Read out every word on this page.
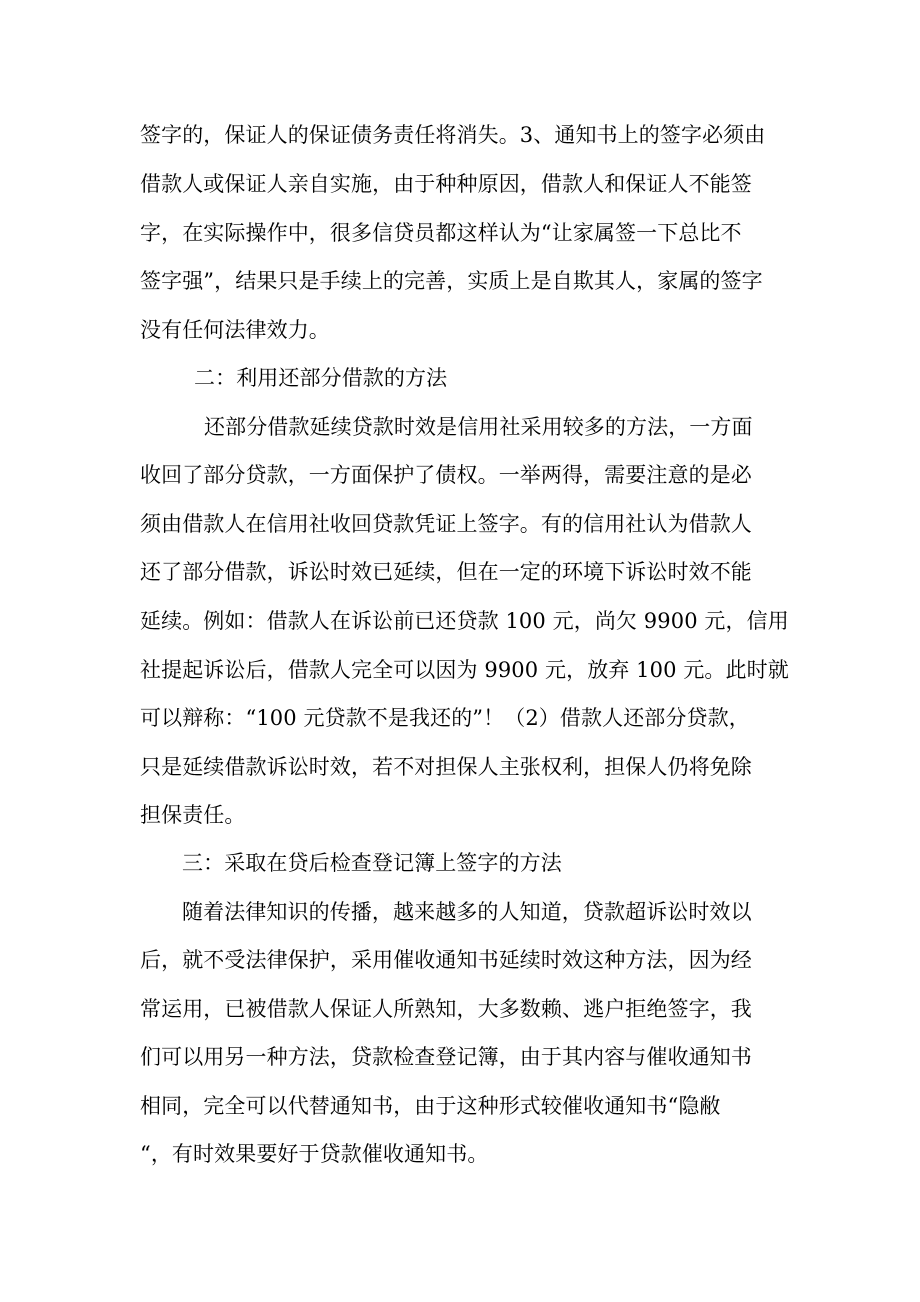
签字的，保证人的保证债务责任将消失。3、通知书上的签字必须由
借款人或保证人亲自实施，由于种种原因，借款人和保证人不能签
字，在实际操作中，很多信贷员都这样认为“让家属签一下总比不
签字强”，结果只是手续上的完善，实质上是自欺其人，家属的签字
没有任何法律效力。
二：利用还部分借款的方法
还部分借款延续贷款时效是信用社采用较多的方法，一方面
收回了部分贷款，一方面保护了债权。一举两得，需要注意的是必
须由借款人在信用社收回贷款凭证上签字。有的信用社认为借款人
还了部分借款，诉讼时效已延续，但在一定的环境下诉讼时效不能
延续。例如：借款人在诉讼前已还贷款 100 元，尚欠 9900 元，信用
社提起诉讼后，借款人完全可以因为 9900 元，放弃 100 元。此时就
可以辩称：“100 元贷款不是我还的”！（2）借款人还部分贷款，
只是延续借款诉讼时效，若不对担保人主张权利，担保人仍将免除
担保责任。
三：采取在贷后检查登记簿上签字的方法
随着法律知识的传播，越来越多的人知道，贷款超诉讼时效以
后，就不受法律保护，采用催收通知书延续时效这种方法，因为经
常运用，已被借款人保证人所熟知，大多数赖、逃户拒绝签字，我
们可以用另一种方法，贷款检查登记簿，由于其内容与催收通知书
相同，完全可以代替通知书，由于这种形式较催收通知书“隐敝
“，有时效果要好于贷款催收通知书。
